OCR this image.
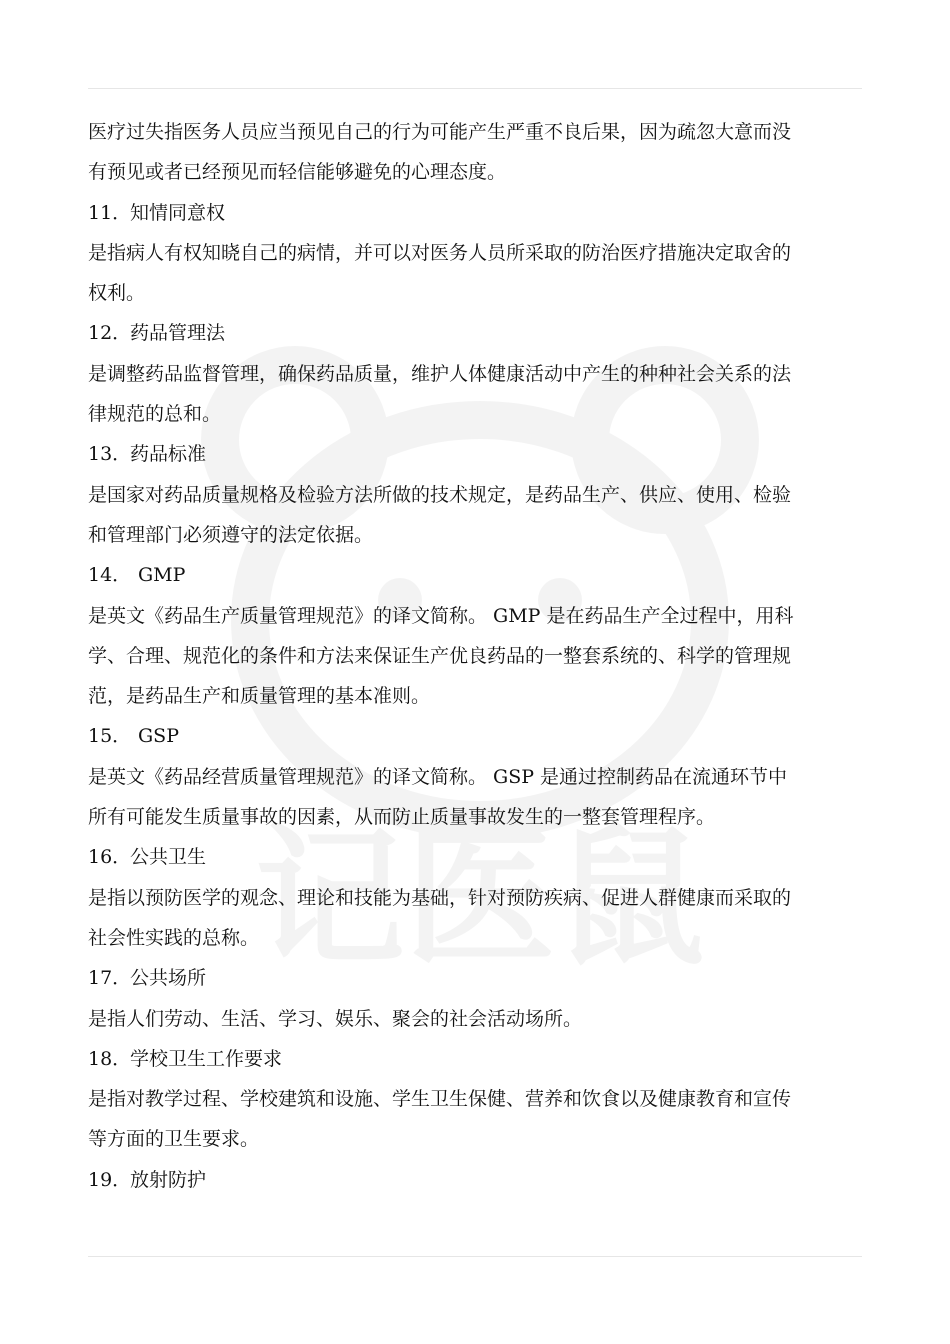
医疗过失指医务人员应当预见自己的行为可能产生严重不良后果，因为疏忽大意而没
有预见或者已经预见而轻信能够避免的心理态度。
11．知情同意权
是指病人有权知晓自己的病情，并可以对医务人员所采取的防治医疗措施决定取舍的
权利。
12．药品管理法
是调整药品监督管理，确保药品质量，维护人体健康活动中产生的种种社会关系的法
律规范的总和。
13．药品标准
是国家对药品质量规格及检验方法所做的技术规定，是药品生产、供应、使用、检验
和管理部门必须遵守的法定依据。
14． GMP
是英文《药品生产质量管理规范》的译文简称。 GMP 是在药品生产全过程中，用科
学、合理、规范化的条件和方法来保证生产优良药品的一整套系统的、科学的管理规
范，是药品生产和质量管理的基本准则。
15． GSP
是英文《药品经营质量管理规范》的译文简称。 GSP 是通过控制药品在流通环节中
所有可能发生质量事故的因素，从而防止质量事故发生的一整套管理程序。
16．公共卫生
是指以预防医学的观念、理论和技能为基础，针对预防疾病、促进人群健康而采取的
社会性实践的总称。
17．公共场所
是指人们劳动、生活、学习、娱乐、聚会的社会活动场所。
18．学校卫生工作要求
是指对教学过程、学校建筑和设施、学生卫生保健、营养和饮食以及健康教育和宣传
等方面的卫生要求。
19．放射防护
